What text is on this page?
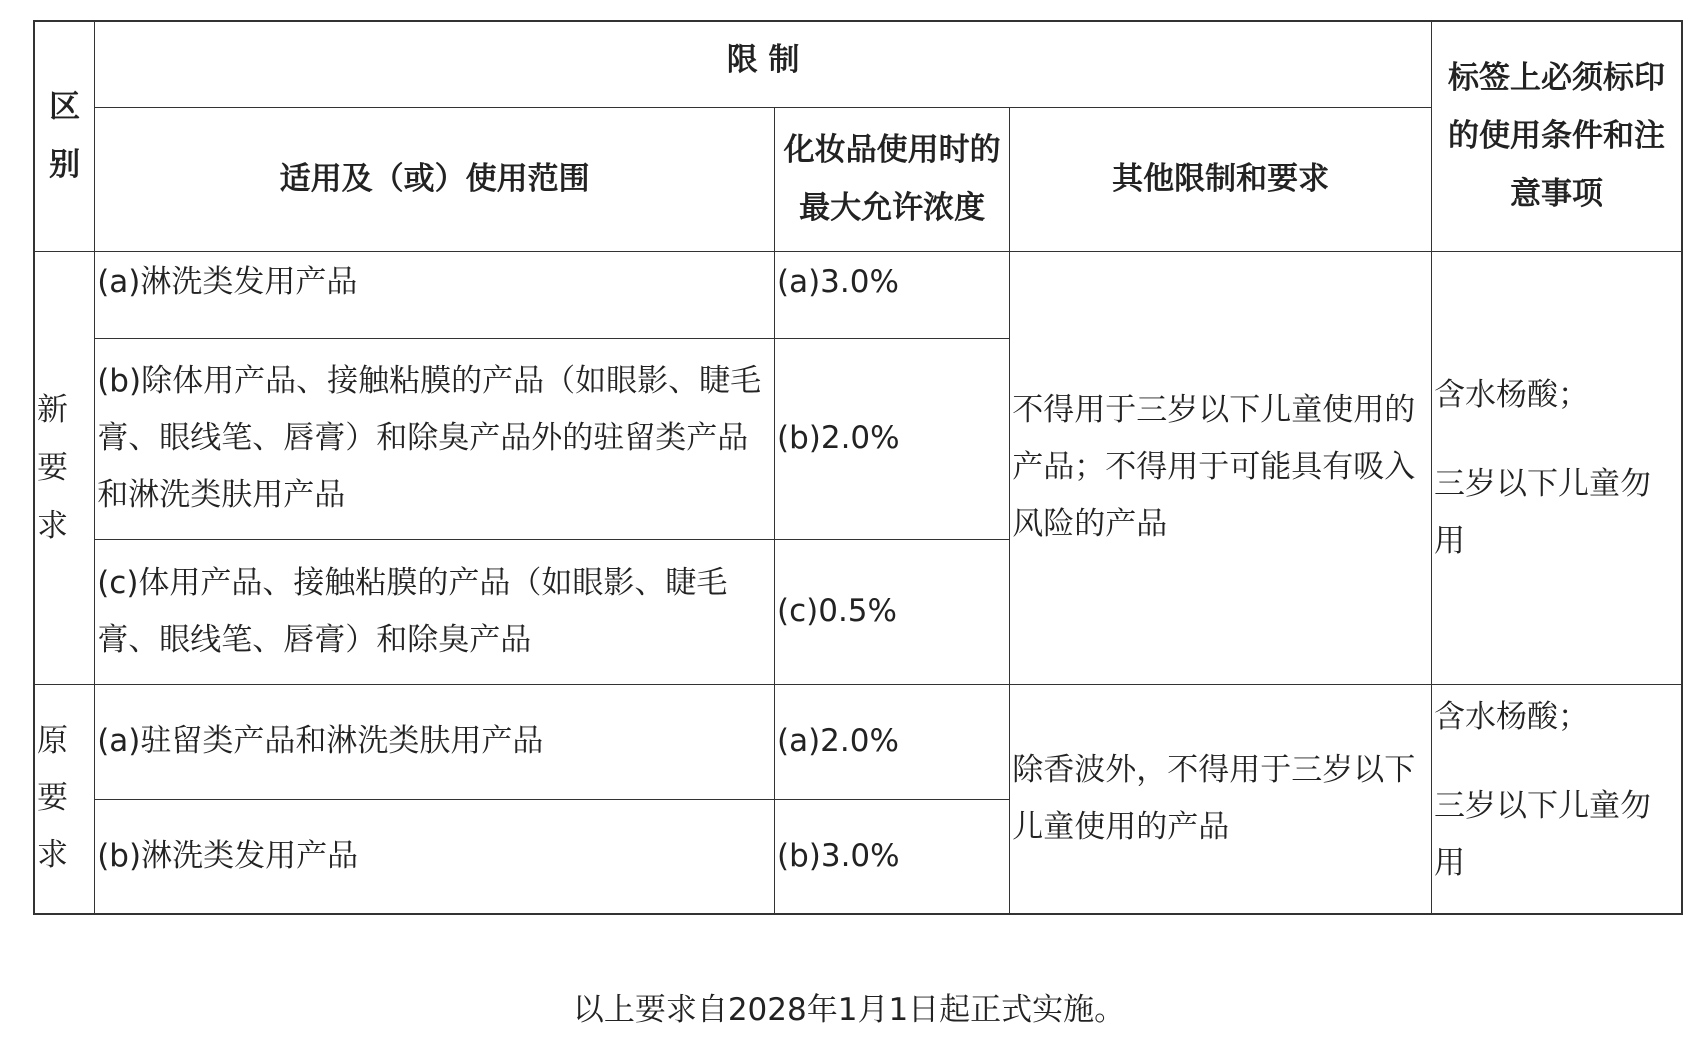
区别	限 制			标签上必须标印的使用条件和注意事项

	适用及（或）使用范围	化妆品使用时的最大允许浓度	其他限制和要求	

新要求	(a)淋洗类发用产品	(a)3.0%	不得用于三岁以下儿童使用的产品；不得用于可能具有吸入风险的产品	含水杨酸；
三岁以下儿童勿用

	(b)除体用产品、接触粘膜的产品（如眼影、睫毛膏、眼线笔、唇膏）和除臭产品外的驻留类产品和淋洗类肤用产品	(b)2.0%		

	(c)体用产品、接触粘膜的产品（如眼影、睫毛膏、眼线笔、唇膏）和除臭产品	(c)0.5%		

原要求	(a)驻留类产品和淋洗类肤用产品	(a)2.0%	除香波外，不得用于三岁以下儿童使用的产品	含水杨酸；
三岁以下儿童勿用

	(b)淋洗类发用产品	(b)3.0%		
以上要求自2028年1月1日起正式实施。
